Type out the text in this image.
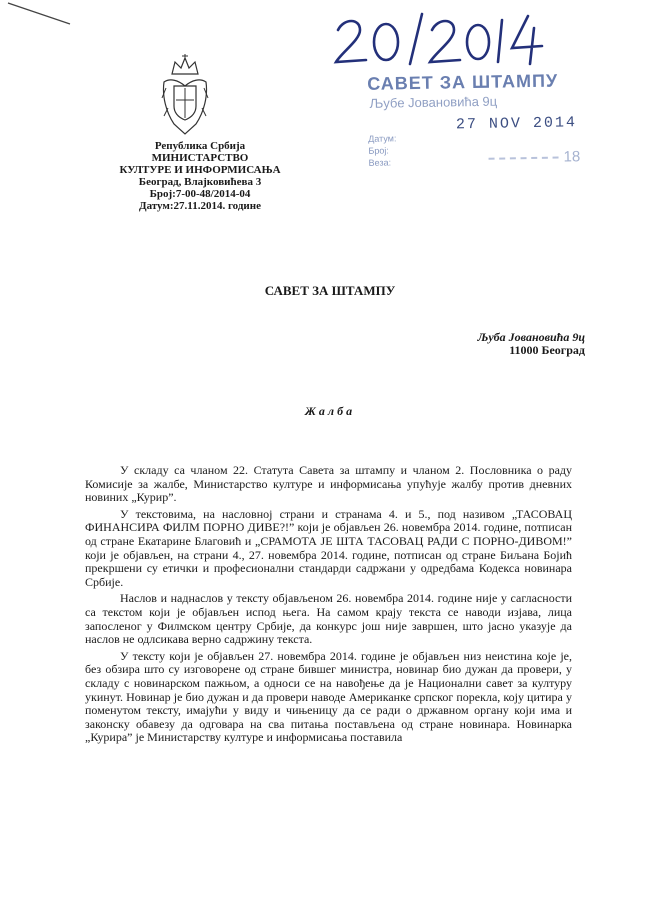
САВЕТ ЗА ШТАМПУ
Љубе Јовановића 9ц
27 NOV 2014
Датум:
Број:
Веза:	18
Република Србија
МИНИСТАРСТВО
КУЛТУРЕ И ИНФОРМИСАЊА
Београд, Влајковићева 3
Број:7-00-48/2014-04
Датум:27.11.2014. године
САВЕТ ЗА ШТАМПУ
Љуба Јовановића 9ц
11000 Београд
Жалба

У складу са чланом 22. Статута Савета за штампу и чланом 2. Пословника о раду Комисије за жалбе, Министарство културе и информисања упућује жалбу против дневних новиних „Курир”.

У текстовима, на насловној страни и странама 4. и 5., под називом „ТАСОВАЦ ФИНАНСИРА ФИЛМ ПОРНО ДИВЕ?!” који је објављен 26. новембра 2014. године, потписан од стране Екатарине Благовић и „СРАМОТА ЈЕ ШТА ТАСОВАЦ РАДИ С ПОРНО-ДИВОМ!” који је објављен, на страни 4., 27. новембра 2014. године, потписан од стране Биљана Бојић прекршени су етички и професионални стандарди садржани у одредбама Кодекса новинара Србије.

Наслов и наднаслов у тексту објављеном 26. новембра 2014. године није у сагласности са текстом који је објављен испод њега. На самом крају текста се наводи изјава, лица запосленог у Филмском центру Србије, да конкурс још није завршен, што јасно указује да наслов не одлсикава верно садржину текста.

У тексту који је објављен 27. новембра 2014. године је објављен низ неистина које је, без обзира што су изговорене од стране бившег министра, новинар био дужан да провери, у складу с новинарском пажњом, а односи се на навођење да је Национални савет за културу укинут. Новинар је био дужан и да провери наводе Американке српског порекла, коју цитира у поменутом тексту, имајући у виду и чињеницу да се ради о државном органу који има и законску обавезу да одговара на сва питања постављена од стране новинара. Новинарка „Курира” је Министарству културе и информисања поставила
